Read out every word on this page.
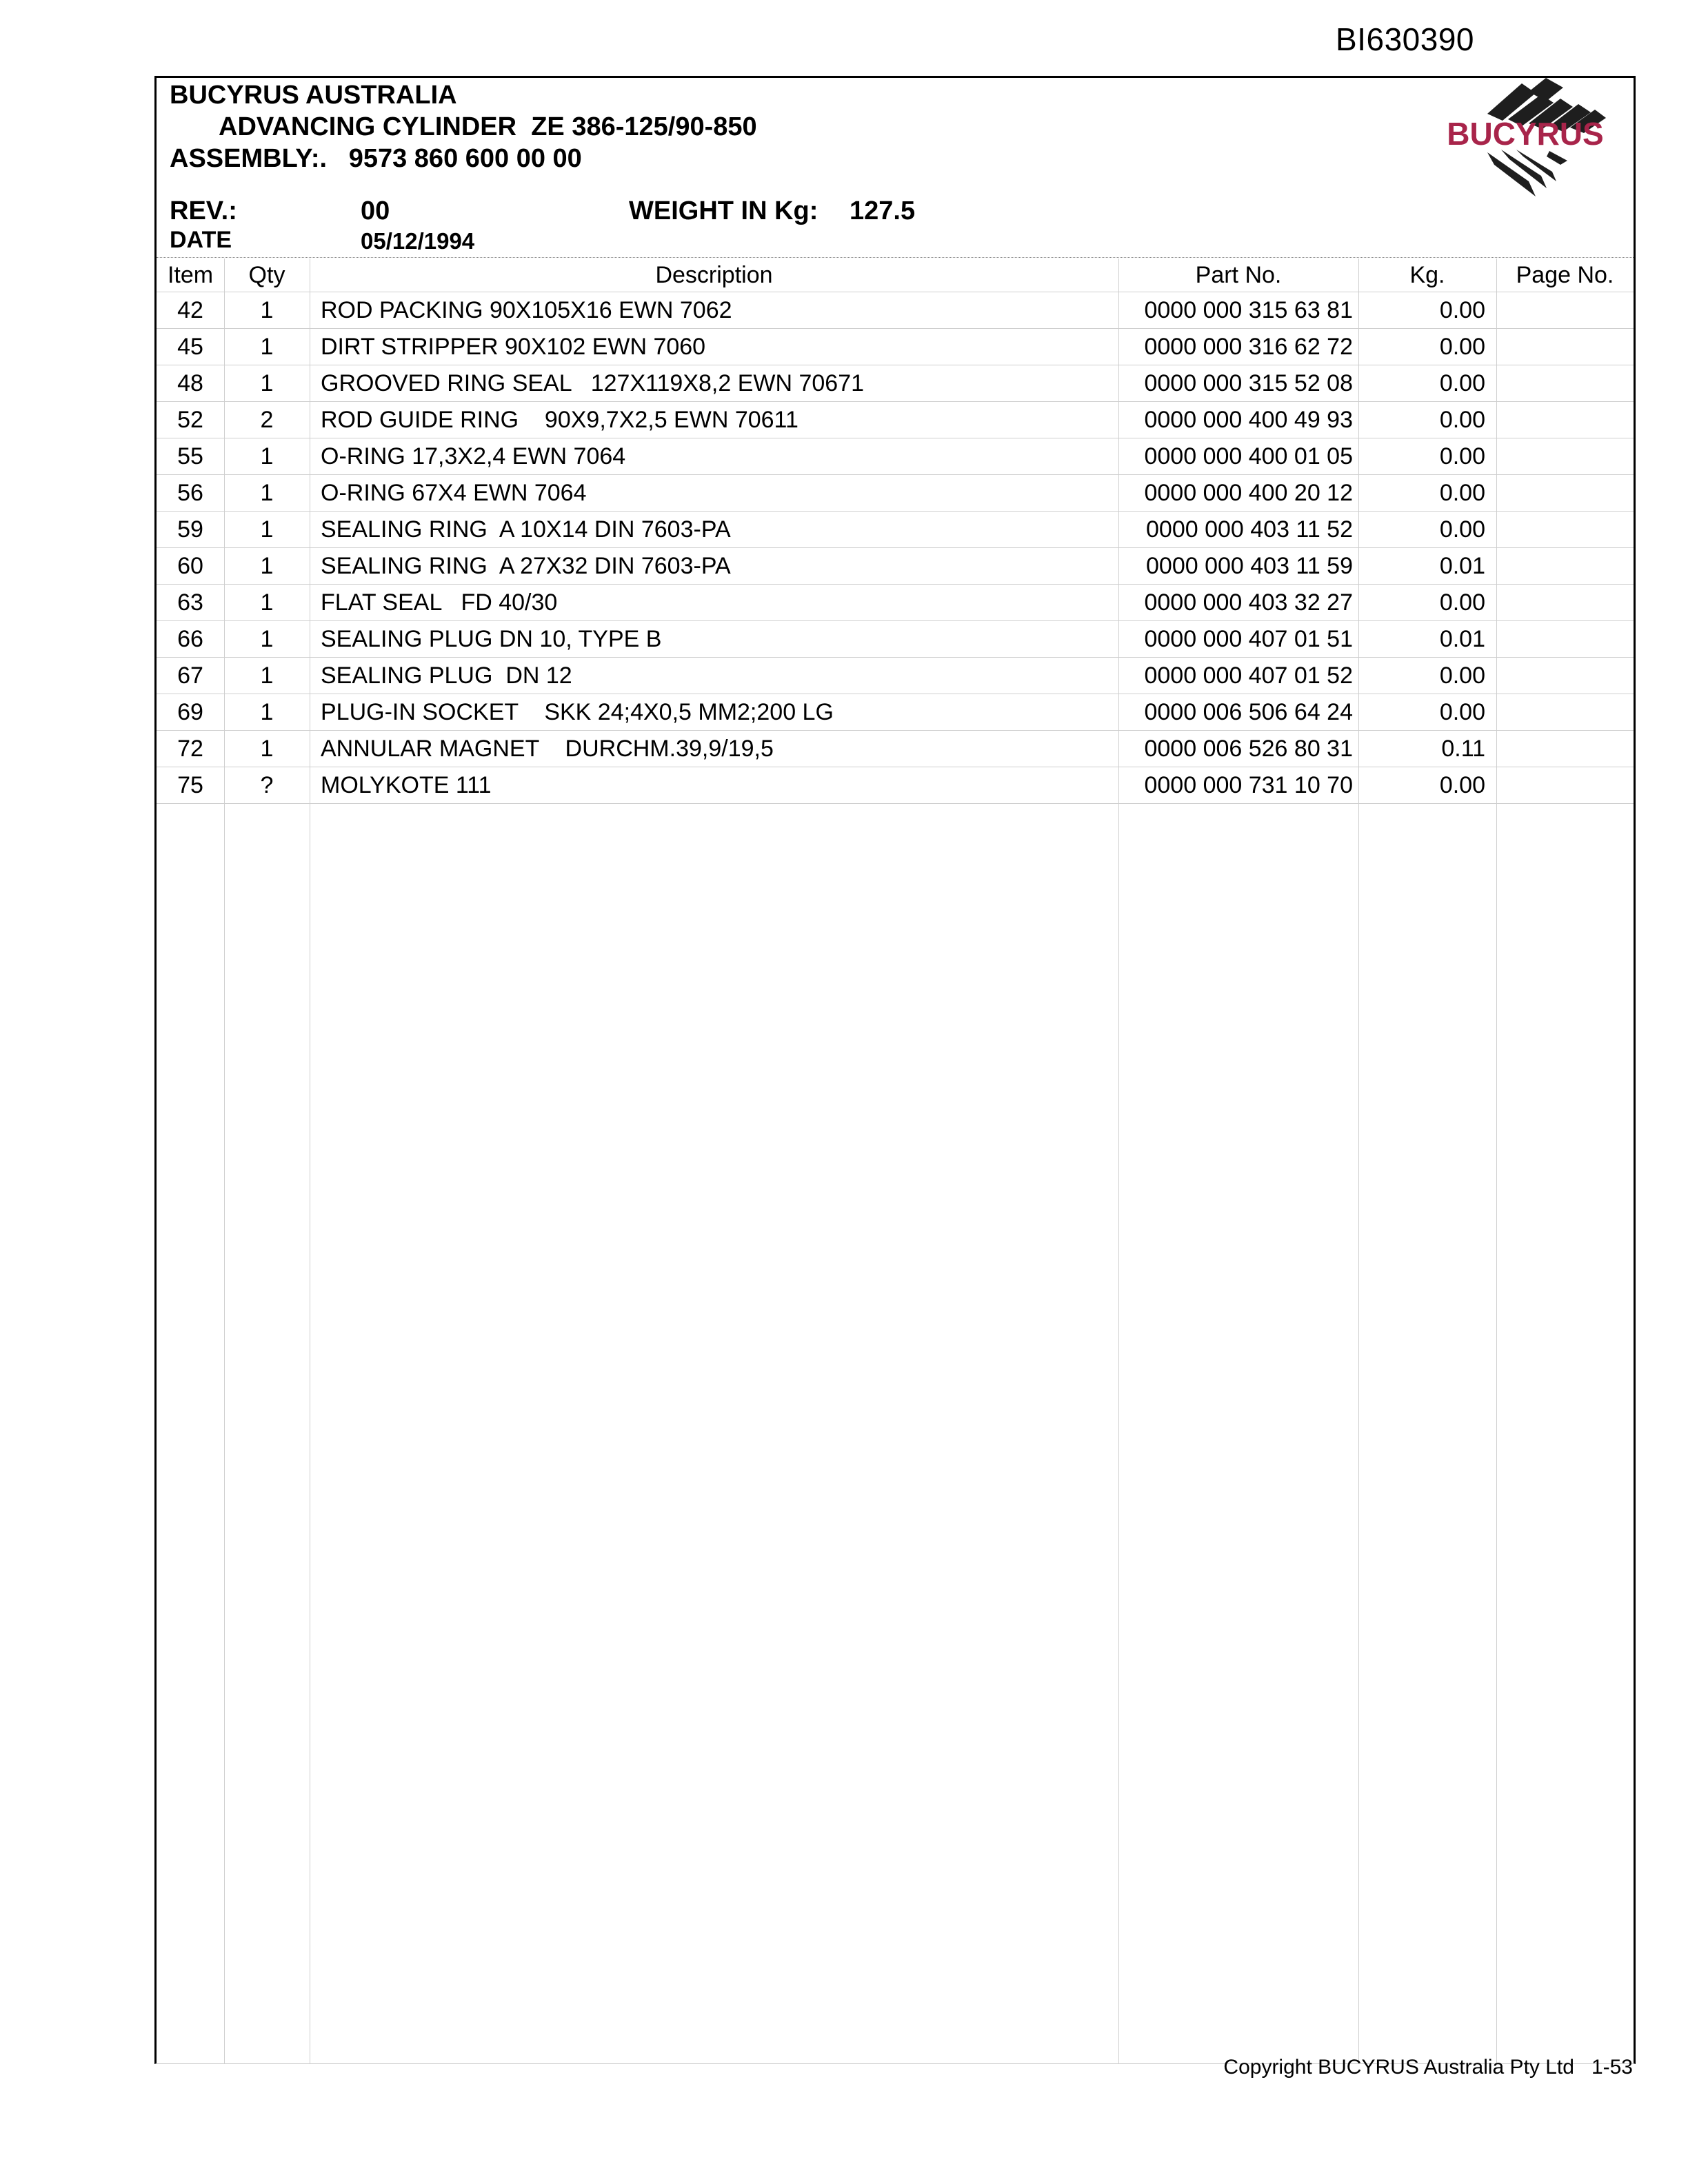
BI630390
BUCYRUS AUSTRALIA
ADVANCING CYLINDER  ZE 386-125/90-850
ASSEMBLY:.   9573 860 600 00 00
REV.:	00	WEIGHT IN Kg: 127.5
DATE	05/12/1994
BUCYRUS
Item	Qty	Description	Part No.	Kg.	Page No.
42	1	ROD PACKING 90X105X16 EWN 7062	0000 000 315 63 81	0.00
45	1	DIRT STRIPPER 90X102 EWN 7060	0000 000 316 62 72	0.00
48	1	GROOVED RING SEAL   127X119X8,2 EWN 70671	0000 000 315 52 08	0.00
52	2	ROD GUIDE RING    90X9,7X2,5 EWN 70611	0000 000 400 49 93	0.00
55	1	O-RING 17,3X2,4 EWN 7064	0000 000 400 01 05	0.00
56	1	O-RING 67X4 EWN 7064	0000 000 400 20 12	0.00
59	1	SEALING RING  A 10X14 DIN 7603-PA	0000 000 403 11 52	0.00
60	1	SEALING RING  A 27X32 DIN 7603-PA	0000 000 403 11 59	0.01
63	1	FLAT SEAL   FD 40/30	0000 000 403 32 27	0.00
66	1	SEALING PLUG DN 10, TYPE B	0000 000 407 01 51	0.01
67	1	SEALING PLUG  DN 12	0000 000 407 01 52	0.00
69	1	PLUG-IN SOCKET    SKK 24;4X0,5 MM2;200 LG	0000 006 506 64 24	0.00
72	1	ANNULAR MAGNET    DURCHM.39,9/19,5	0000 006 526 80 31	0.11
75	?	MOLYKOTE 111	0000 000 731 10 70	0.00
Copyright BUCYRUS Australia Pty Ltd   1-53
